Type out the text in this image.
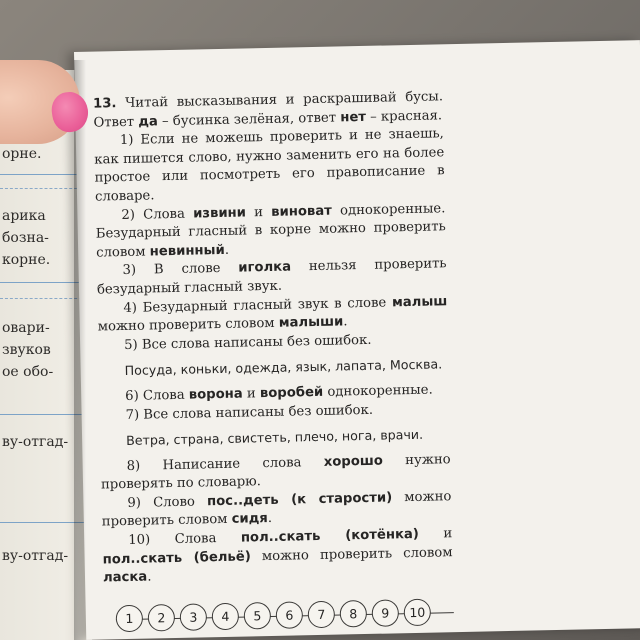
орне.
арика
бозна-
корне.
овари-
звуков
ое обо-
ву-отгад-
ву-отгад-

13. Читай высказывания и раскрашивай бусы. Ответ да – бусинка зелёная, ответ нет – красная.

1) Если не можешь проверить и не знаешь, как пишется слово, нужно заменить его на более простое или посмотреть его правописание в словаре.

2) Слова извини и виноват однокоренные. Безударный гласный в корне можно проверить словом невинный.

3) В слове иголка нельзя проверить безударный гласный звук.

4) Безударный гласный звук в слове малыш можно проверить словом малыши.

5) Все слова написаны без ошибок.

Посуда, коньки, одежда, язык, лапата, Москва.

6) Слова ворона и воробей однокоренные.

7) Все слова написаны без ошибок.

Ветра, страна, свистеть, плечо, нога, врачи.

8) Написание слова хорошо нужно проверять по словарю.

9) Слово пос..деть (к старости) можно проверить словом сидя.

10) Слова пол..скать (котёнка) и пол..скать (бельё) можно проверить словом ласка.

1	2	3	4	5	6	7	8	9	10
